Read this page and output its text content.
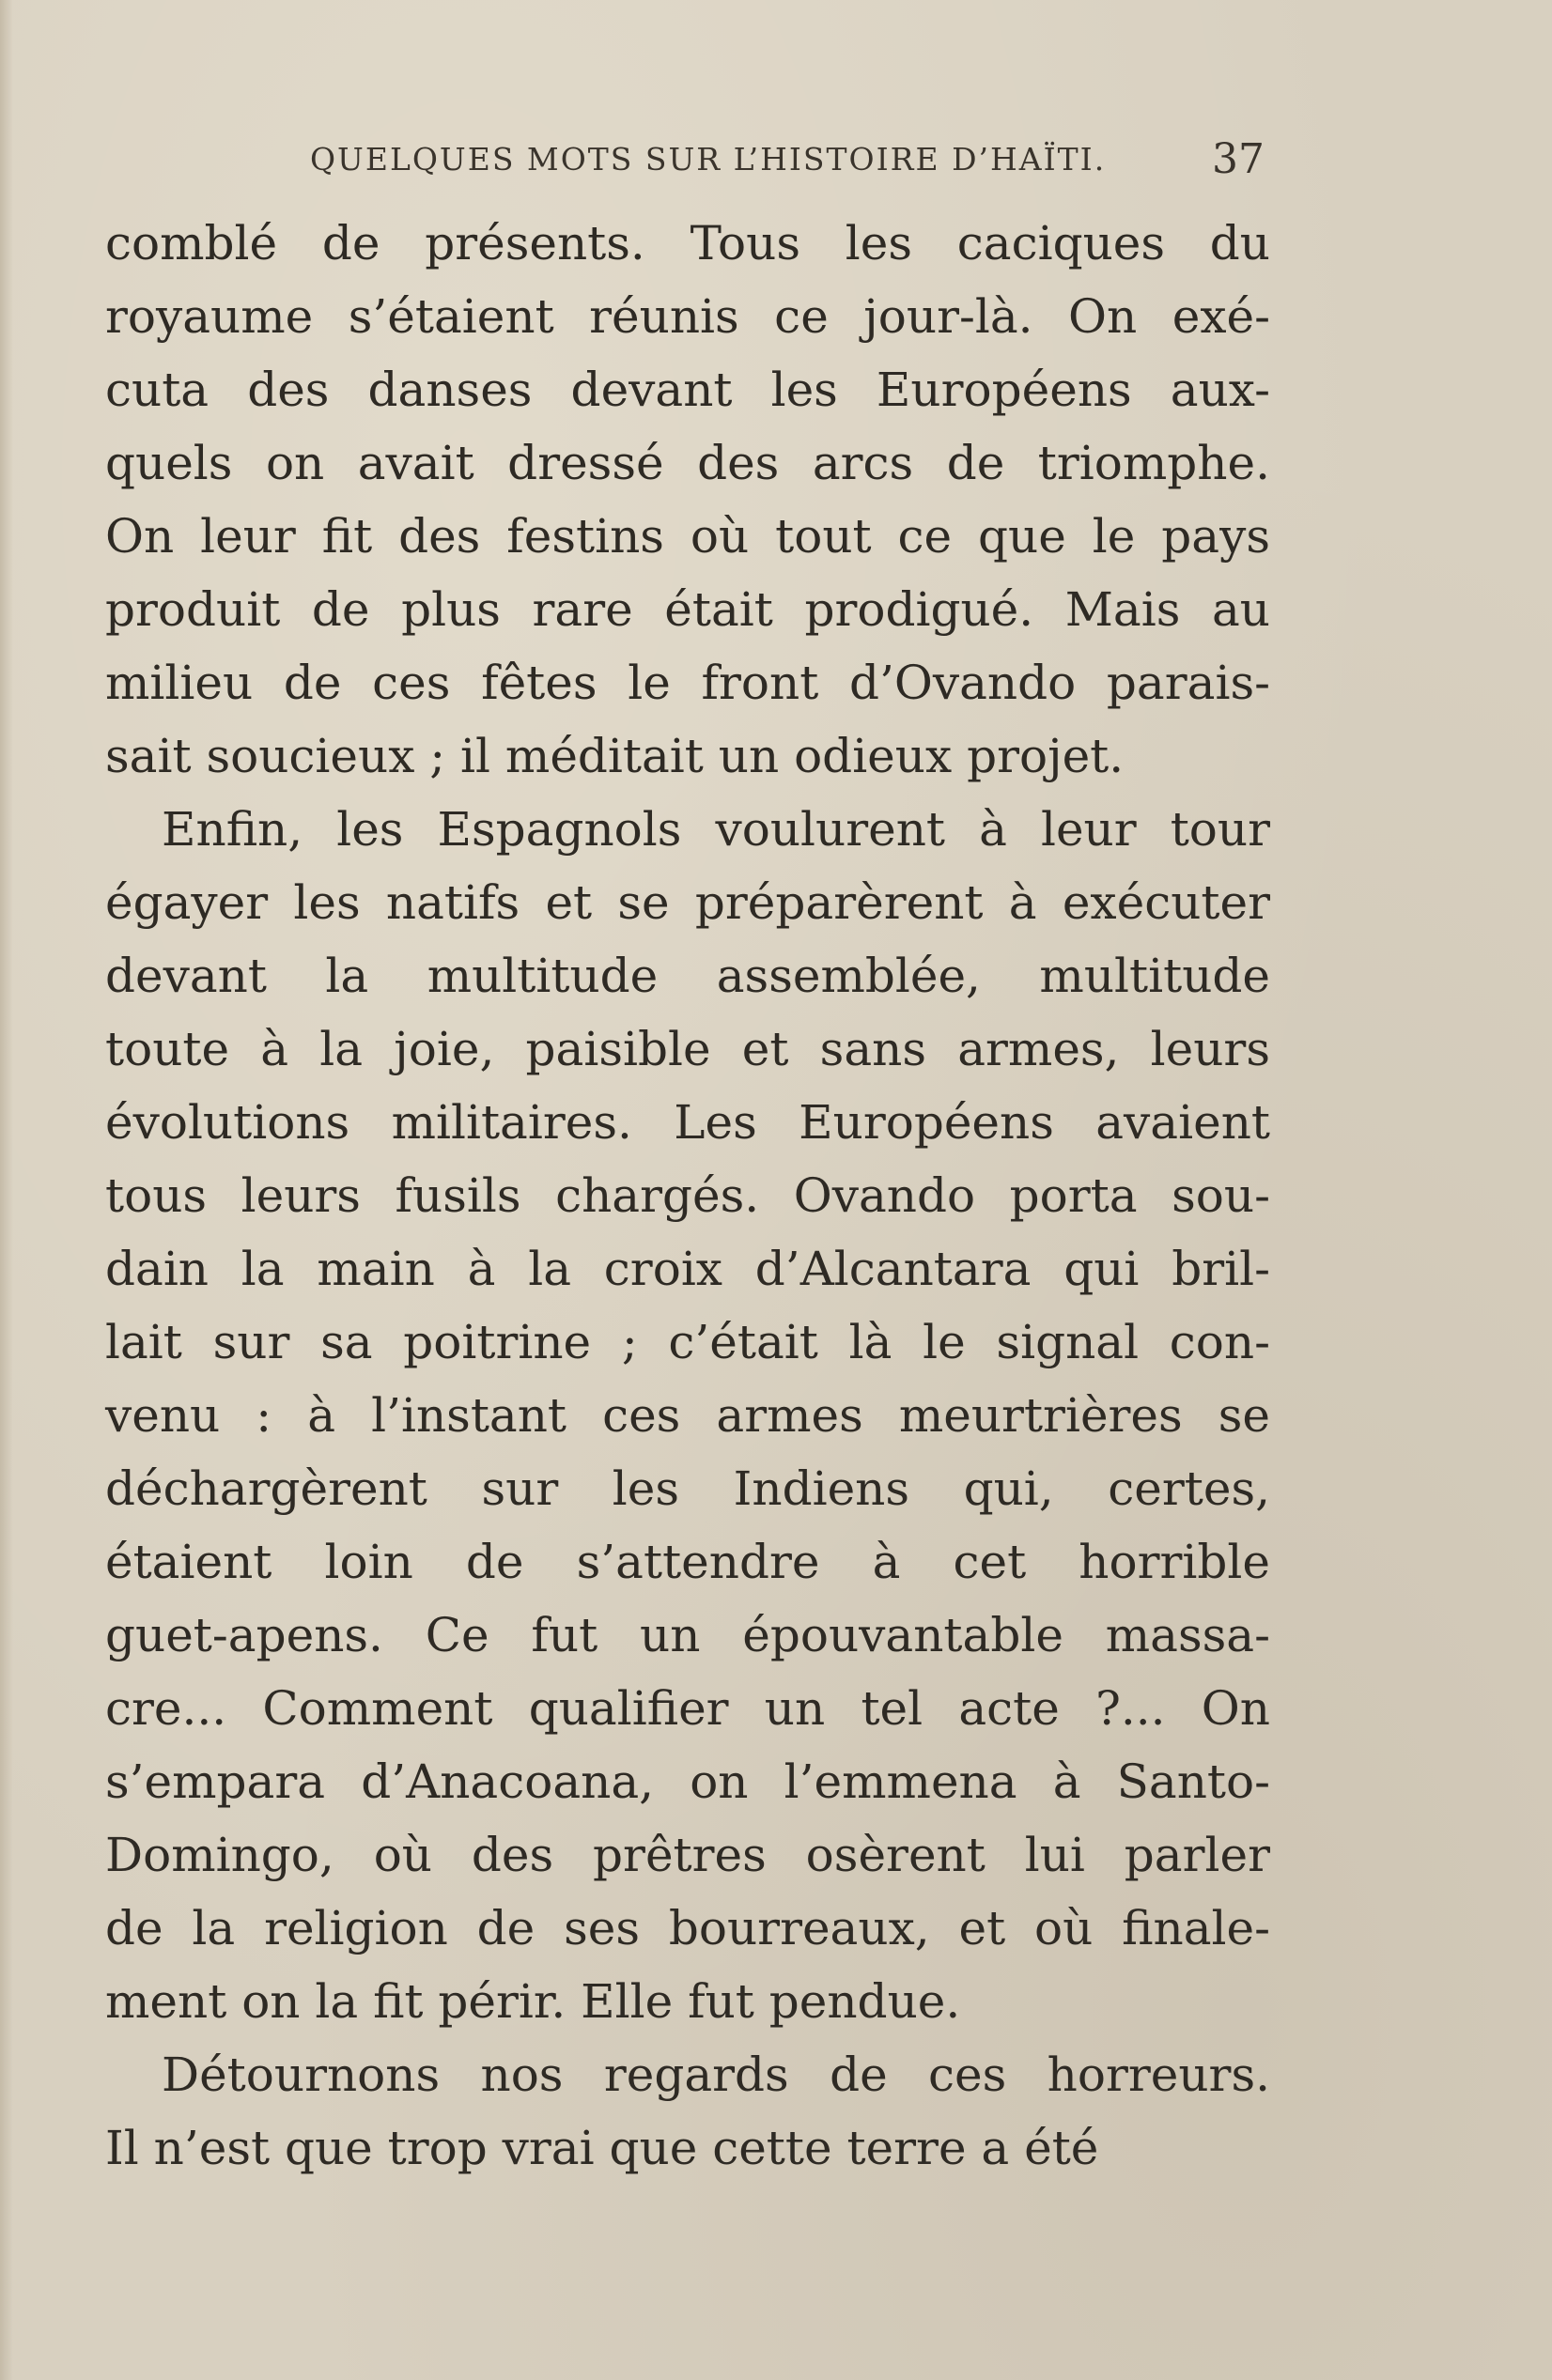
QUELQUES MOTS SUR L’HISTOIRE D’HAÏTI.	37
comblé de présents. Tous les caciques du
royaume s’étaient réunis ce jour-là. On exé-
cuta des danses devant les Européens aux-
quels on avait dressé des arcs de triomphe.
On leur fit des festins où tout ce que le pays
produit de plus rare était prodigué. Mais au
milieu de ces fêtes le front d’Ovando parais-
sait soucieux ; il méditait un odieux projet.
Enfin, les Espagnols voulurent à leur tour
égayer les natifs et se préparèrent à exécuter
devant la multitude assemblée, multitude
toute à la joie, paisible et sans armes, leurs
évolutions militaires. Les Européens avaient
tous leurs fusils chargés. Ovando porta sou-
dain la main à la croix d’Alcantara qui bril-
lait sur sa poitrine ; c’était là le signal con-
venu : à l’instant ces armes meurtrières se
déchargèrent sur les Indiens qui, certes,
étaient loin de s’attendre à cet horrible
guet-apens. Ce fut un épouvantable massa-
cre... Comment qualifier un tel acte ?... On
s’empara d’Anacoana, on l’emmena à Santo-
Domingo, où des prêtres osèrent lui parler
de la religion de ses bourreaux, et où finale-
ment on la fit périr. Elle fut pendue.
Détournons nos regards de ces horreurs.
Il n’est que trop vrai que cette terre a été
